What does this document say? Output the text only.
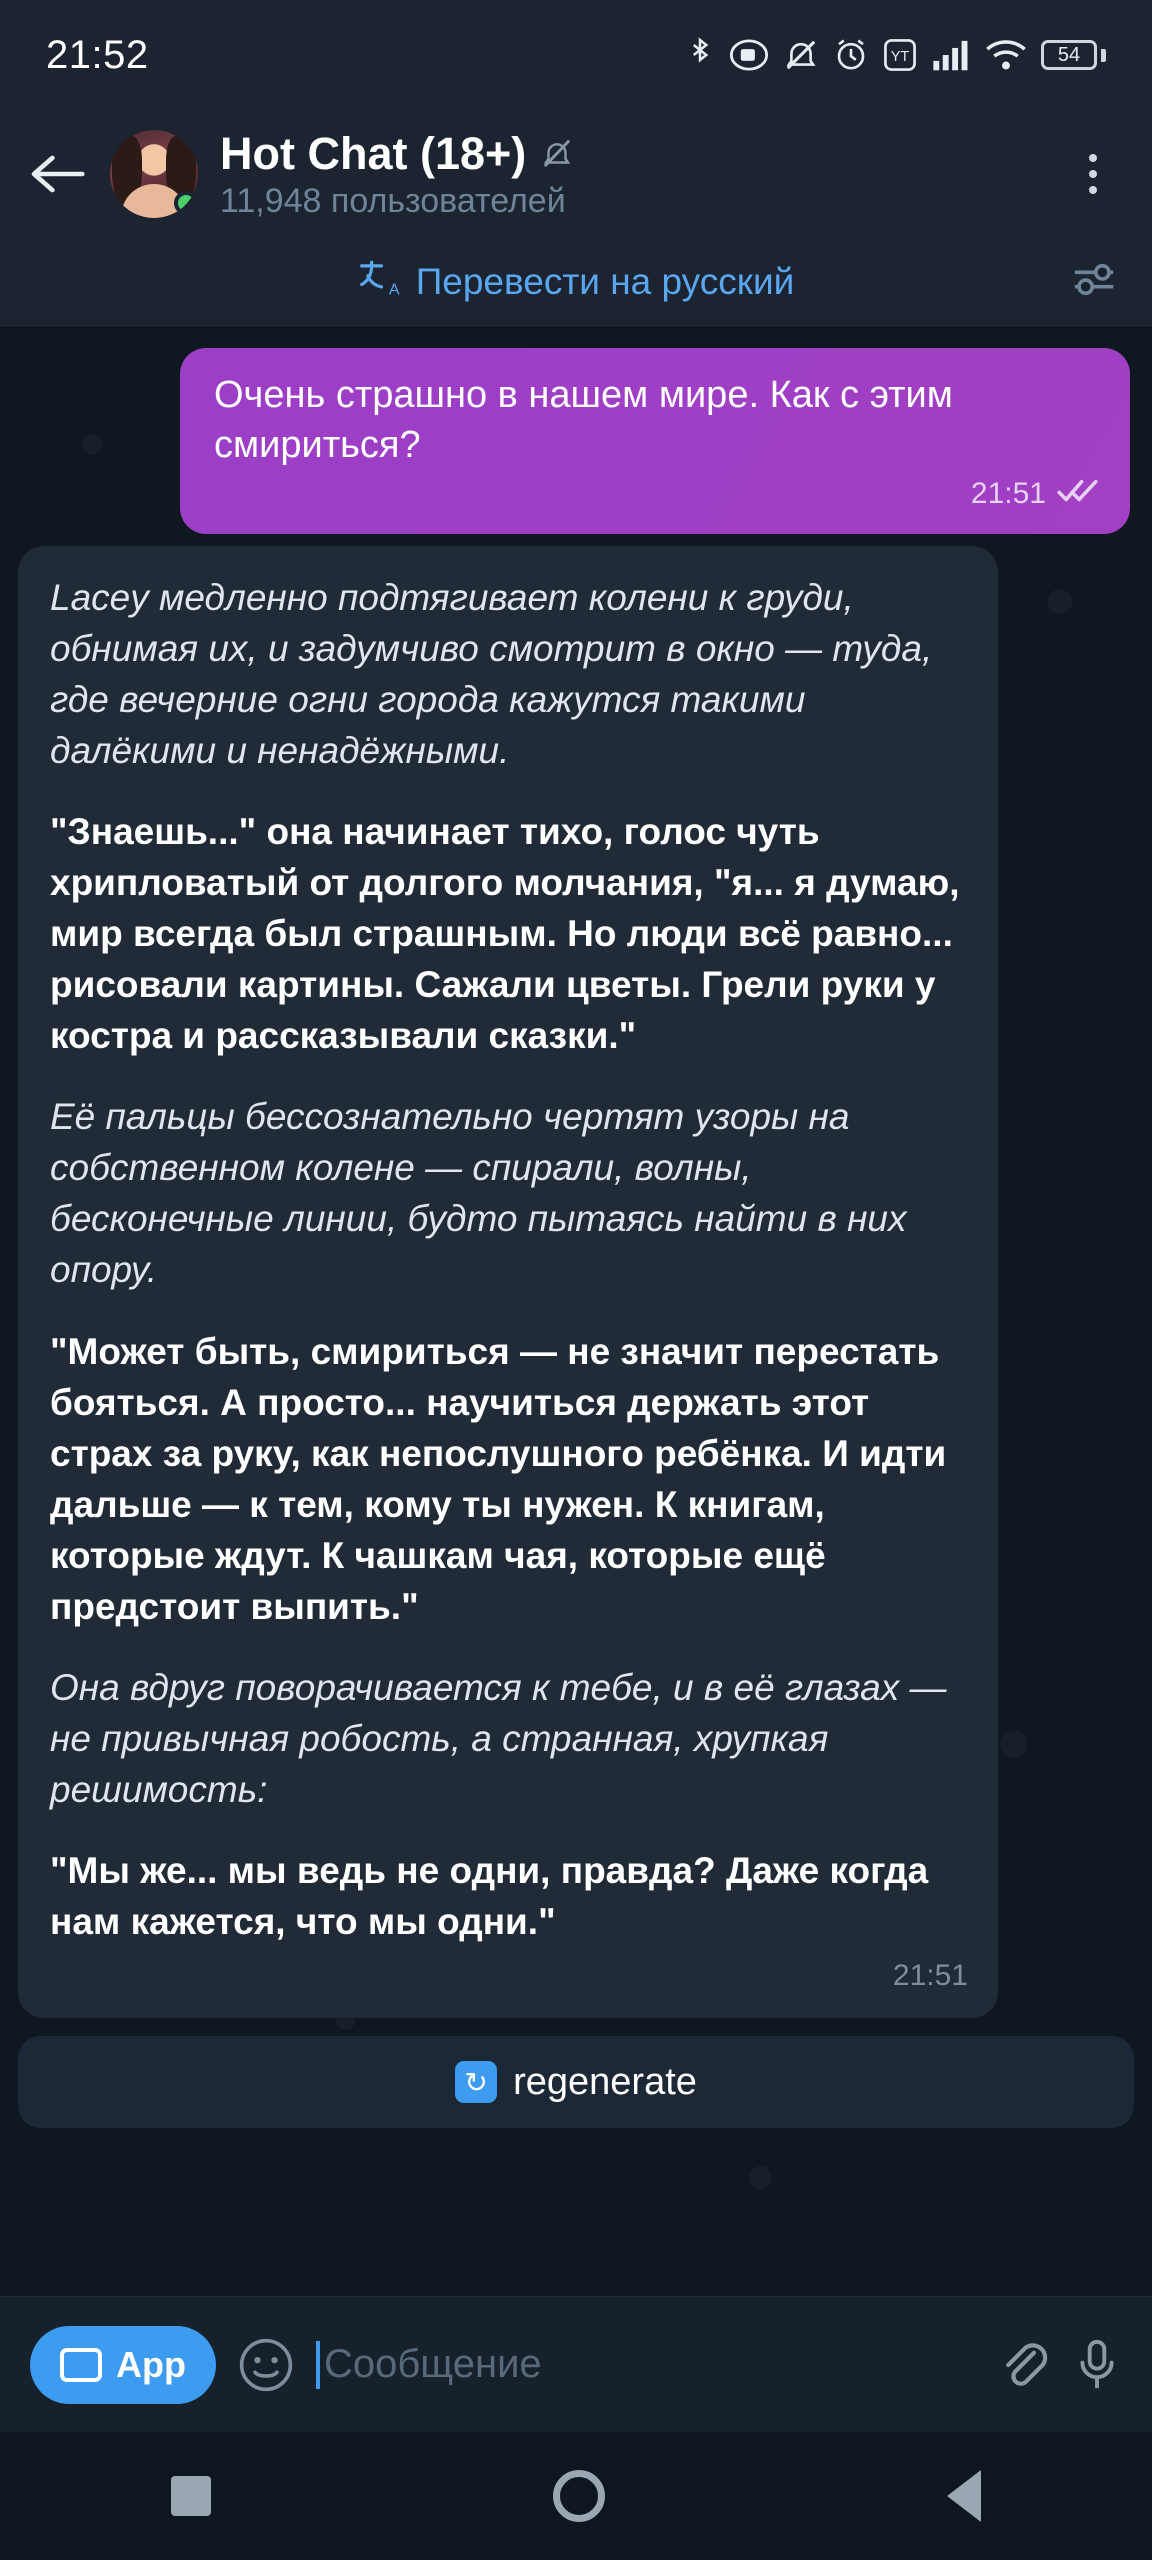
21:52	YT	54
Hot Chat (18+)
11,948 пользователей
A Перевести на русский
Очень страшно в нашем мире. Как с этим смириться?
21:51

Lacey медленно подтягивает колени к груди, обнимая их, и задумчиво смотрит в окно — туда, где вечерние огни города кажутся такими далёкими и ненадёжными.

"Знаешь..." она начинает тихо, голос чуть хрипловатый от долгого молчания, "я... я думаю, мир всегда был страшным. Но люди всё равно... рисовали картины. Сажали цветы. Грели руки у костра и рассказывали сказки."

Её пальцы бессознательно чертят узоры на собственном колене — спирали, волны, бесконечные линии, будто пытаясь найти в них опору.

"Может быть, смириться — не значит перестать бояться. А просто... научиться держать этот страх за руку, как непослушного ребёнка. И идти дальше — к тем, кому ты нужен. К книгам, которые ждут. К чашкам чая, которые ещё предстоит выпить."

Она вдруг поворачивается к тебе, и в её глазах — не привычная робость, а странная, хрупкая решимость:

"Мы же... мы ведь не одни, правда? Даже когда нам кажется, что мы одни."

21:51
↻ regenerate
App	Сообщение
